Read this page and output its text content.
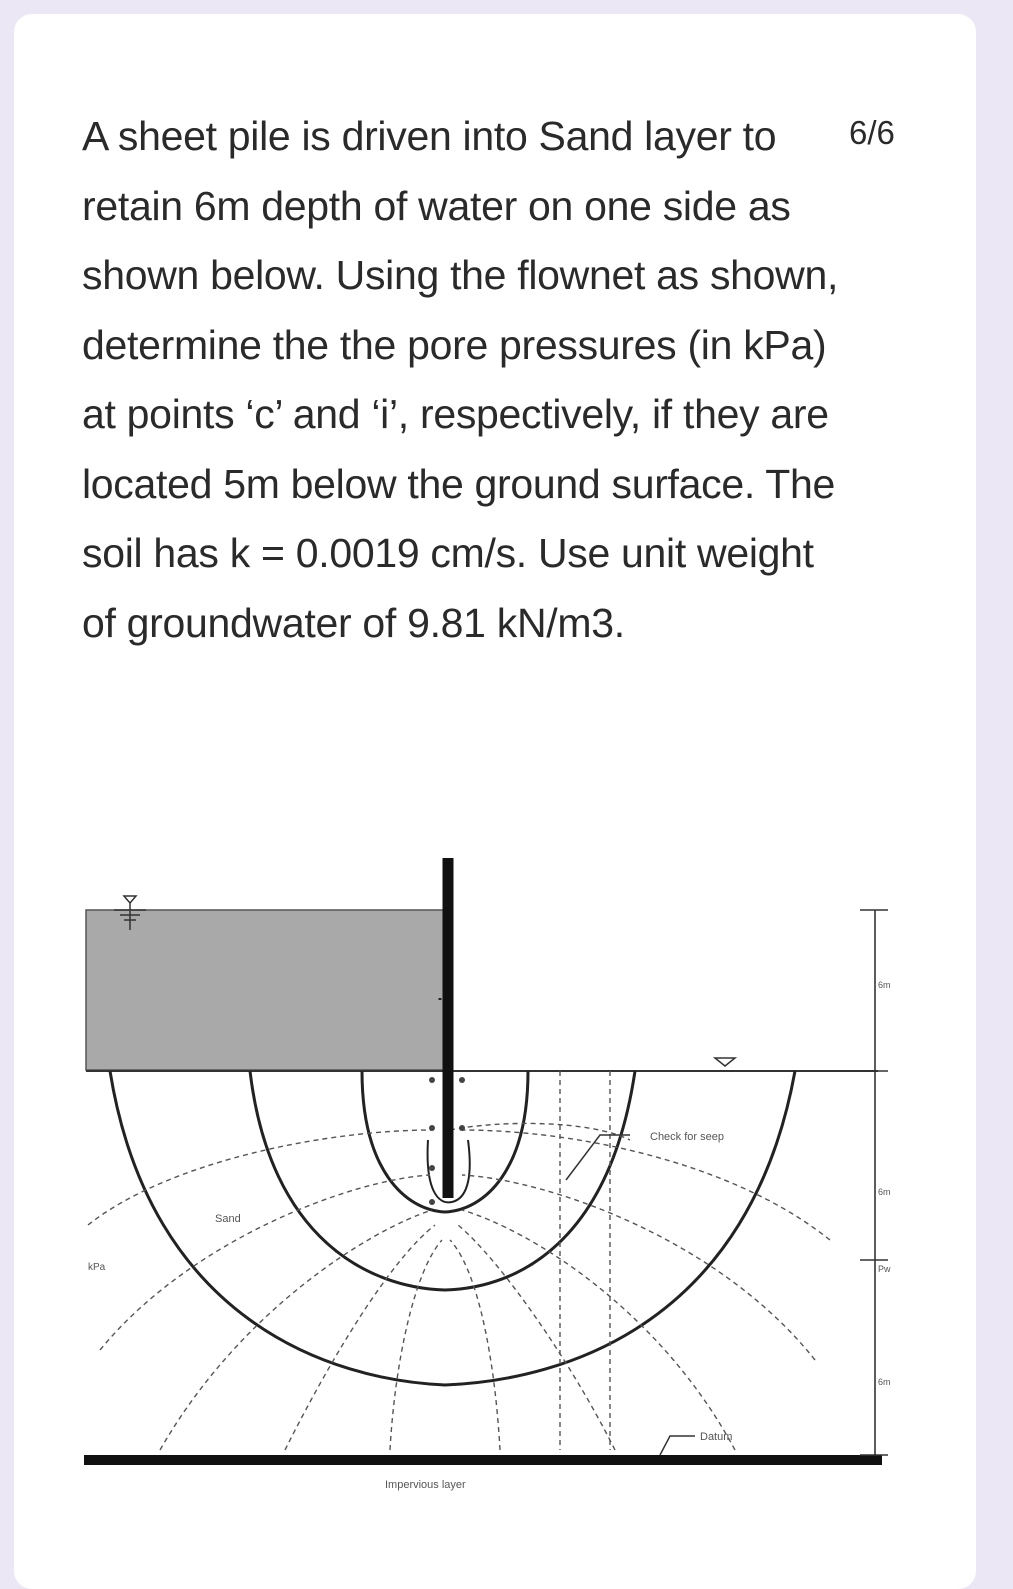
A sheet pile is driven into Sand layer to retain 6m depth of water on one side as shown below. Using the flownet as shown, determine the the pore pressures (in kPa) at points ‘c’ and ‘i’, respectively, if they are located 5m below the ground surface. The soil has k = 0.0019 cm/s. Use unit weight of groundwater of 9.81 kN/m3.

6/6
Sand
Check for seep
Datum
Impervious layer
kPa
6m
6m
Pw
6m
